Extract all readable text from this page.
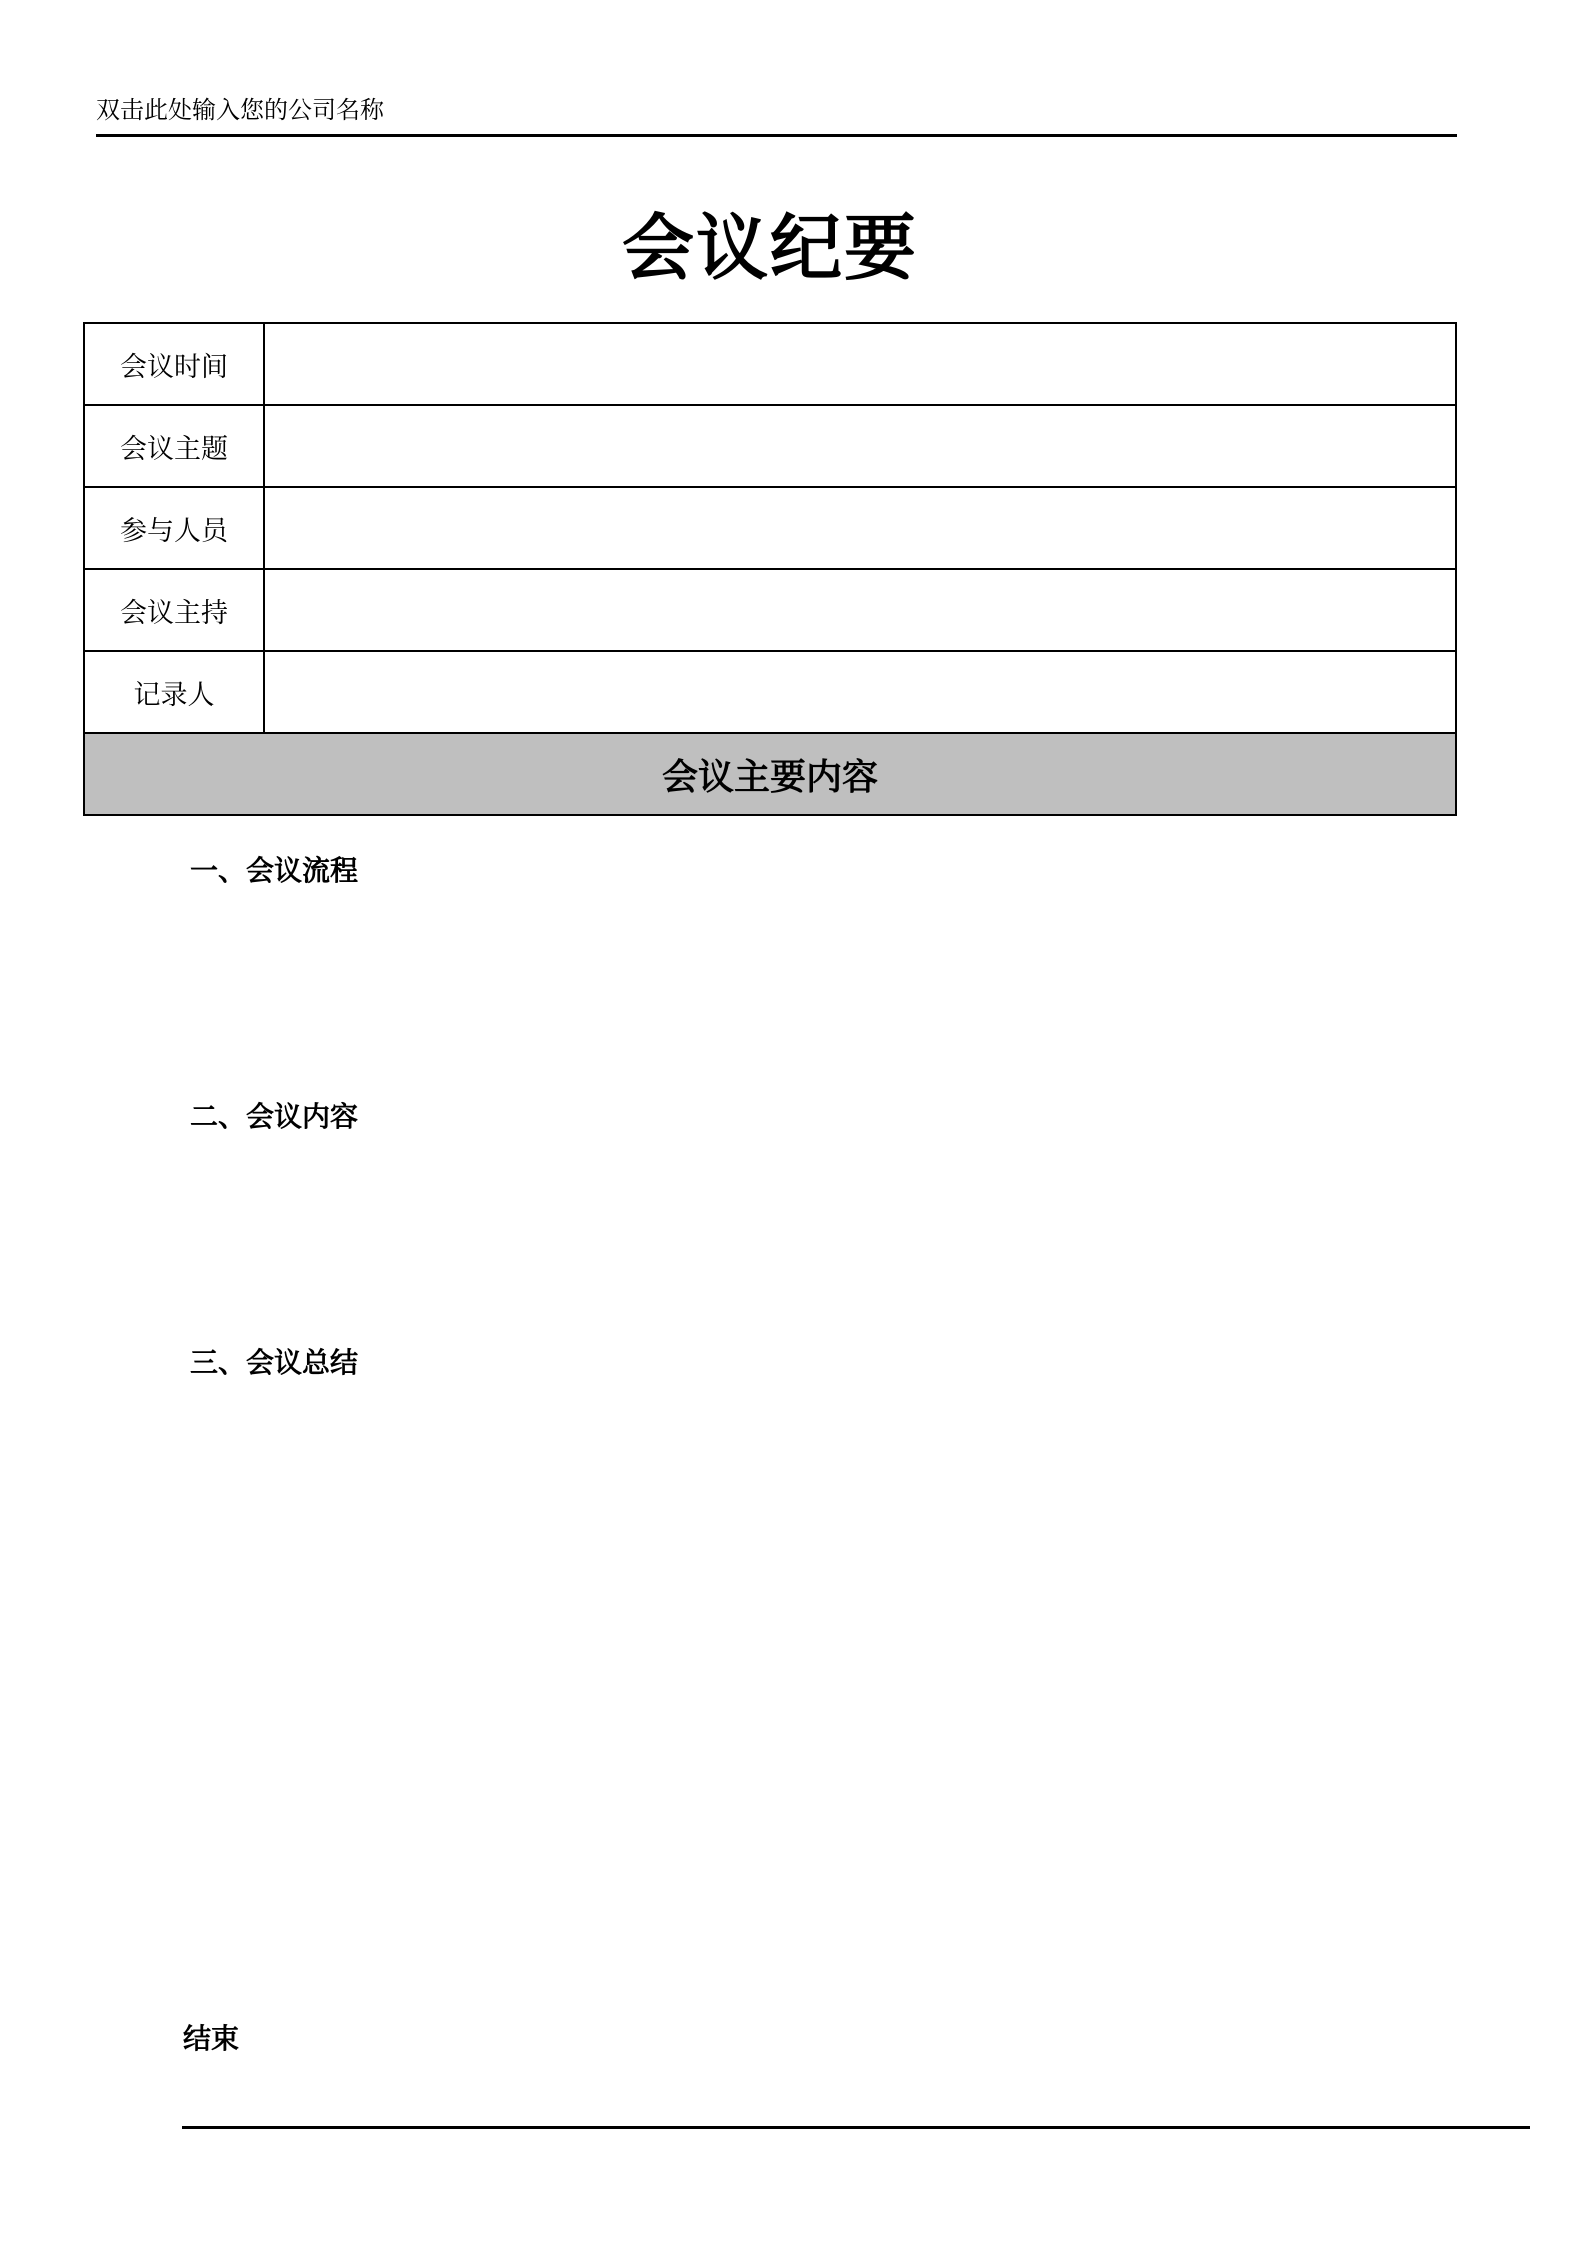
双击此处输入您的公司名称
会议纪要
会议时间	
会议主题	
参与人员	
会议主持	
记录人	
会议主要内容	
一、会议流程
二、会议内容
三、会议总结
结束
